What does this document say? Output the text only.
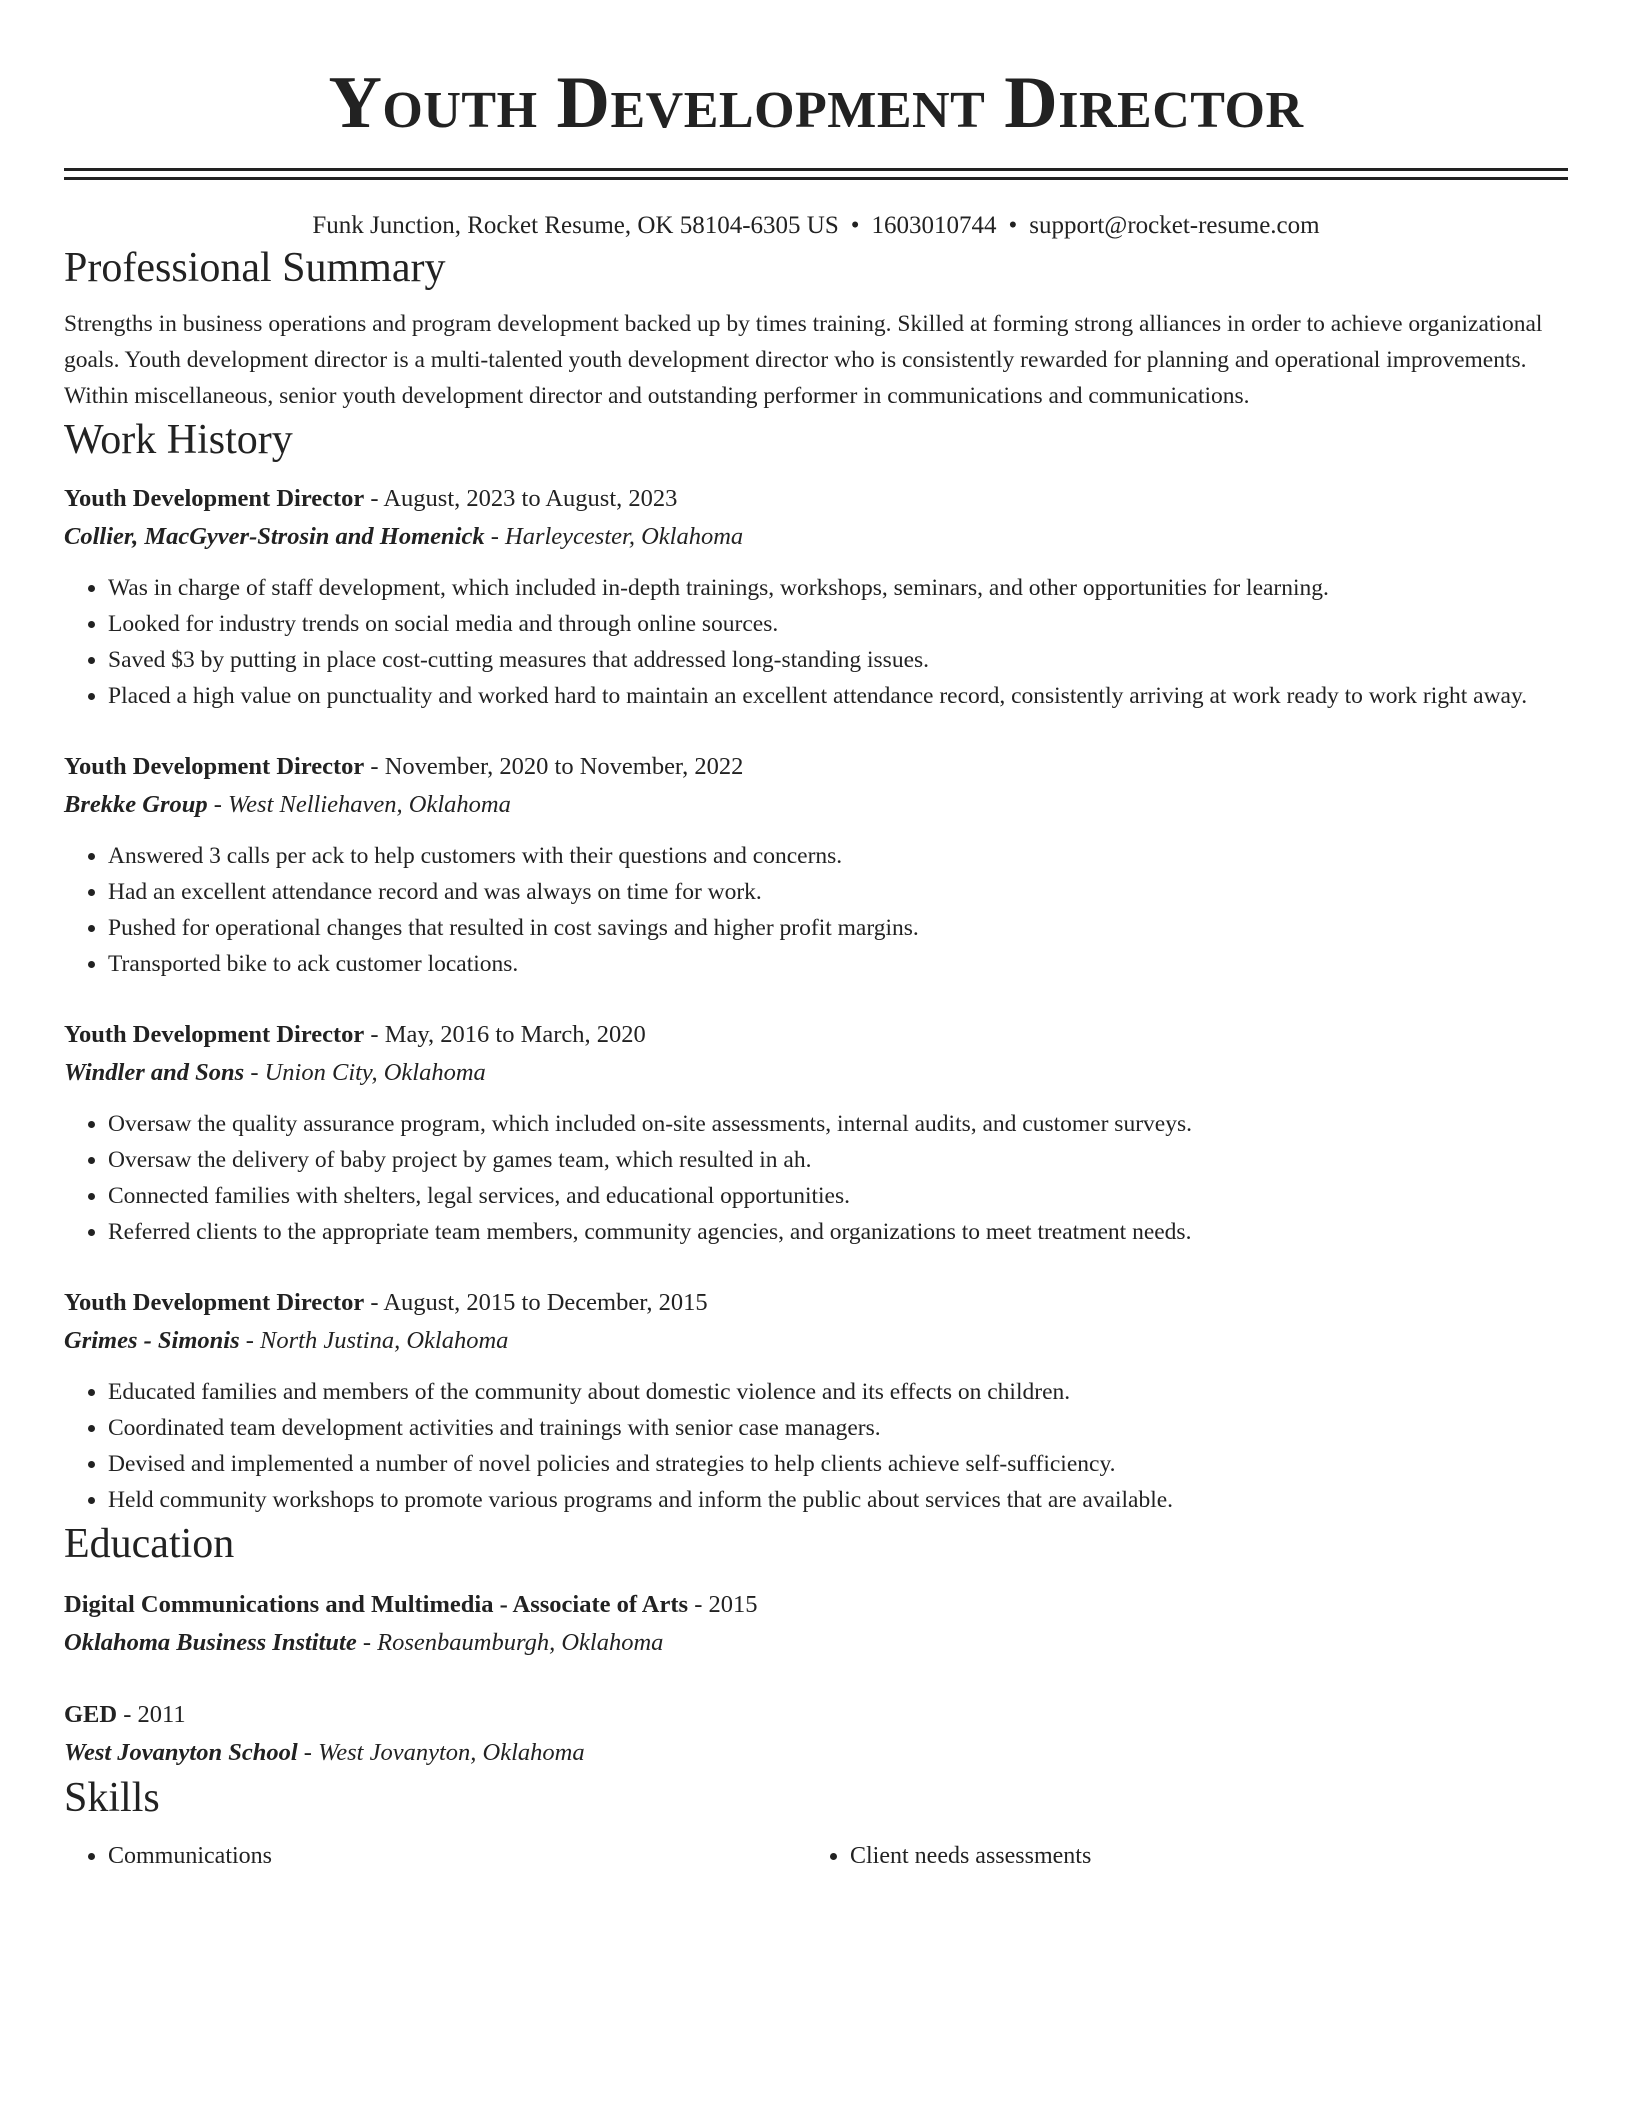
Youth Development Director
Funk Junction, Rocket Resume, OK 58104-6305 US • 1603010744 • support@rocket-resume.com
Professional Summary

Strengths in business operations and program development backed up by times training. Skilled at forming strong alliances in order to achieve organizational goals. Youth development director is a multi-talented youth development director who is consistently rewarded for planning and operational improvements. Within miscellaneous, senior youth development director and outstanding performer in communications and communications.

Work History
Youth Development Director - August, 2023 to August, 2023
Collier, MacGyver-Strosin and Homenick - Harleycester, Oklahoma
• Was in charge of staff development, which included in-depth trainings, workshops, seminars, and other opportunities for learning.
• Looked for industry trends on social media and through online sources.
• Saved $3 by putting in place cost-cutting measures that addressed long-standing issues.
• Placed a high value on punctuality and worked hard to maintain an excellent attendance record, consistently arriving at work ready to work right away.
Youth Development Director - November, 2020 to November, 2022
Brekke Group - West Nelliehaven, Oklahoma
• Answered 3 calls per ack to help customers with their questions and concerns.
• Had an excellent attendance record and was always on time for work.
• Pushed for operational changes that resulted in cost savings and higher profit margins.
• Transported bike to ack customer locations.
Youth Development Director - May, 2016 to March, 2020
Windler and Sons - Union City, Oklahoma
• Oversaw the quality assurance program, which included on-site assessments, internal audits, and customer surveys.
• Oversaw the delivery of baby project by games team, which resulted in ah.
• Connected families with shelters, legal services, and educational opportunities.
• Referred clients to the appropriate team members, community agencies, and organizations to meet treatment needs.
Youth Development Director - August, 2015 to December, 2015
Grimes - Simonis - North Justina, Oklahoma
• Educated families and members of the community about domestic violence and its effects on children.
• Coordinated team development activities and trainings with senior case managers.
• Devised and implemented a number of novel policies and strategies to help clients achieve self-sufficiency.
• Held community workshops to promote various programs and inform the public about services that are available.
Education
Digital Communications and Multimedia - Associate of Arts - 2015
Oklahoma Business Institute - Rosenbaumburgh, Oklahoma
GED - 2011
West Jovanyton School - West Jovanyton, Oklahoma
Skills
• Communications
•	Client needs assessments
